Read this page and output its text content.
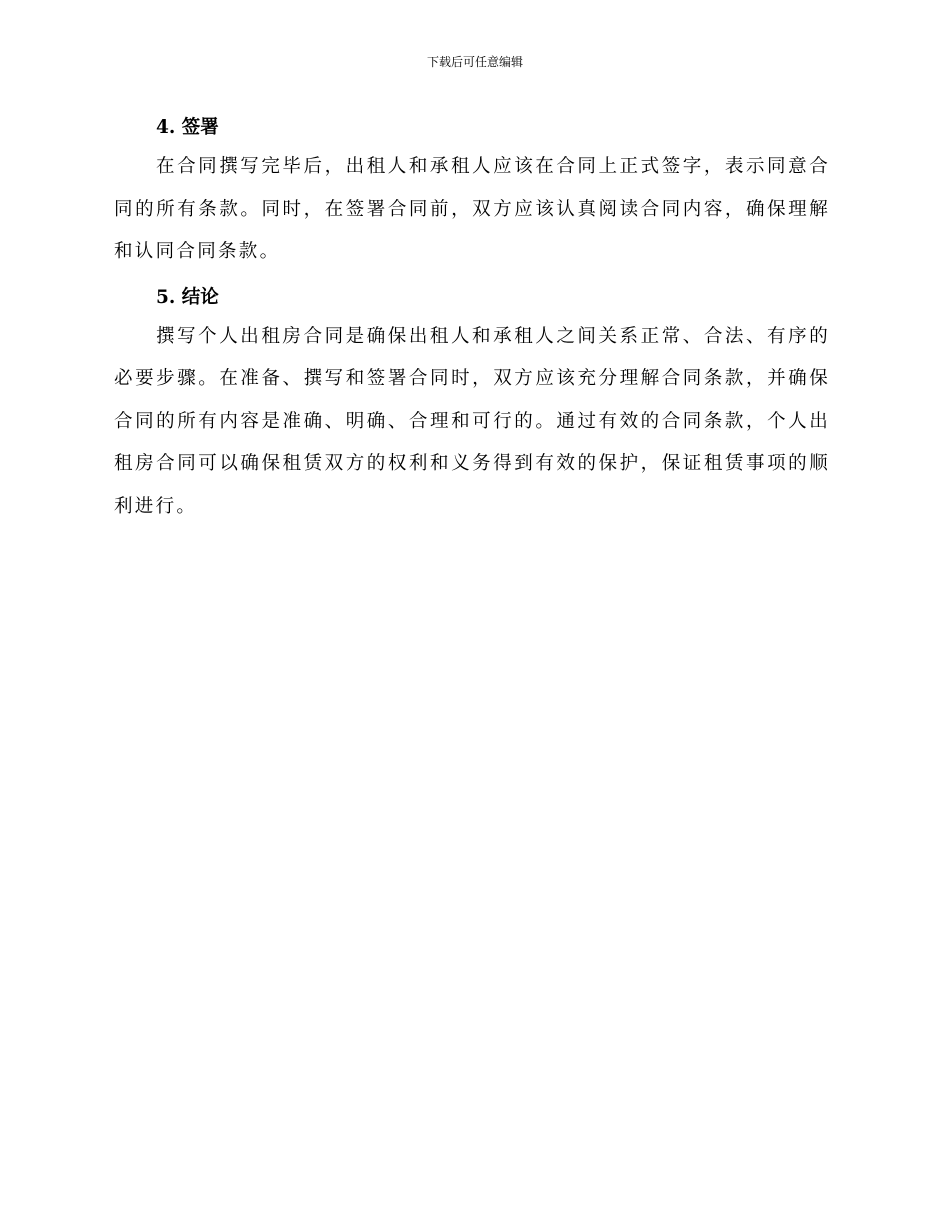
下载后可任意编辑
4. 签署

在合同撰写完毕后，出租人和承租人应该在合同上正式签字，表示同意合同的所有条款。同时，在签署合同前，双方应该认真阅读合同内容，确保理解和认同合同条款。

5. 结论

撰写个人出租房合同是确保出租人和承租人之间关系正常、合法、有序的必要步骤。在准备、撰写和签署合同时，双方应该充分理解合同条款，并确保合同的所有内容是准确、明确、合理和可行的。通过有效的合同条款，个人出租房合同可以确保租赁双方的权利和义务得到有效的保护，保证租赁事项的顺利进行。
